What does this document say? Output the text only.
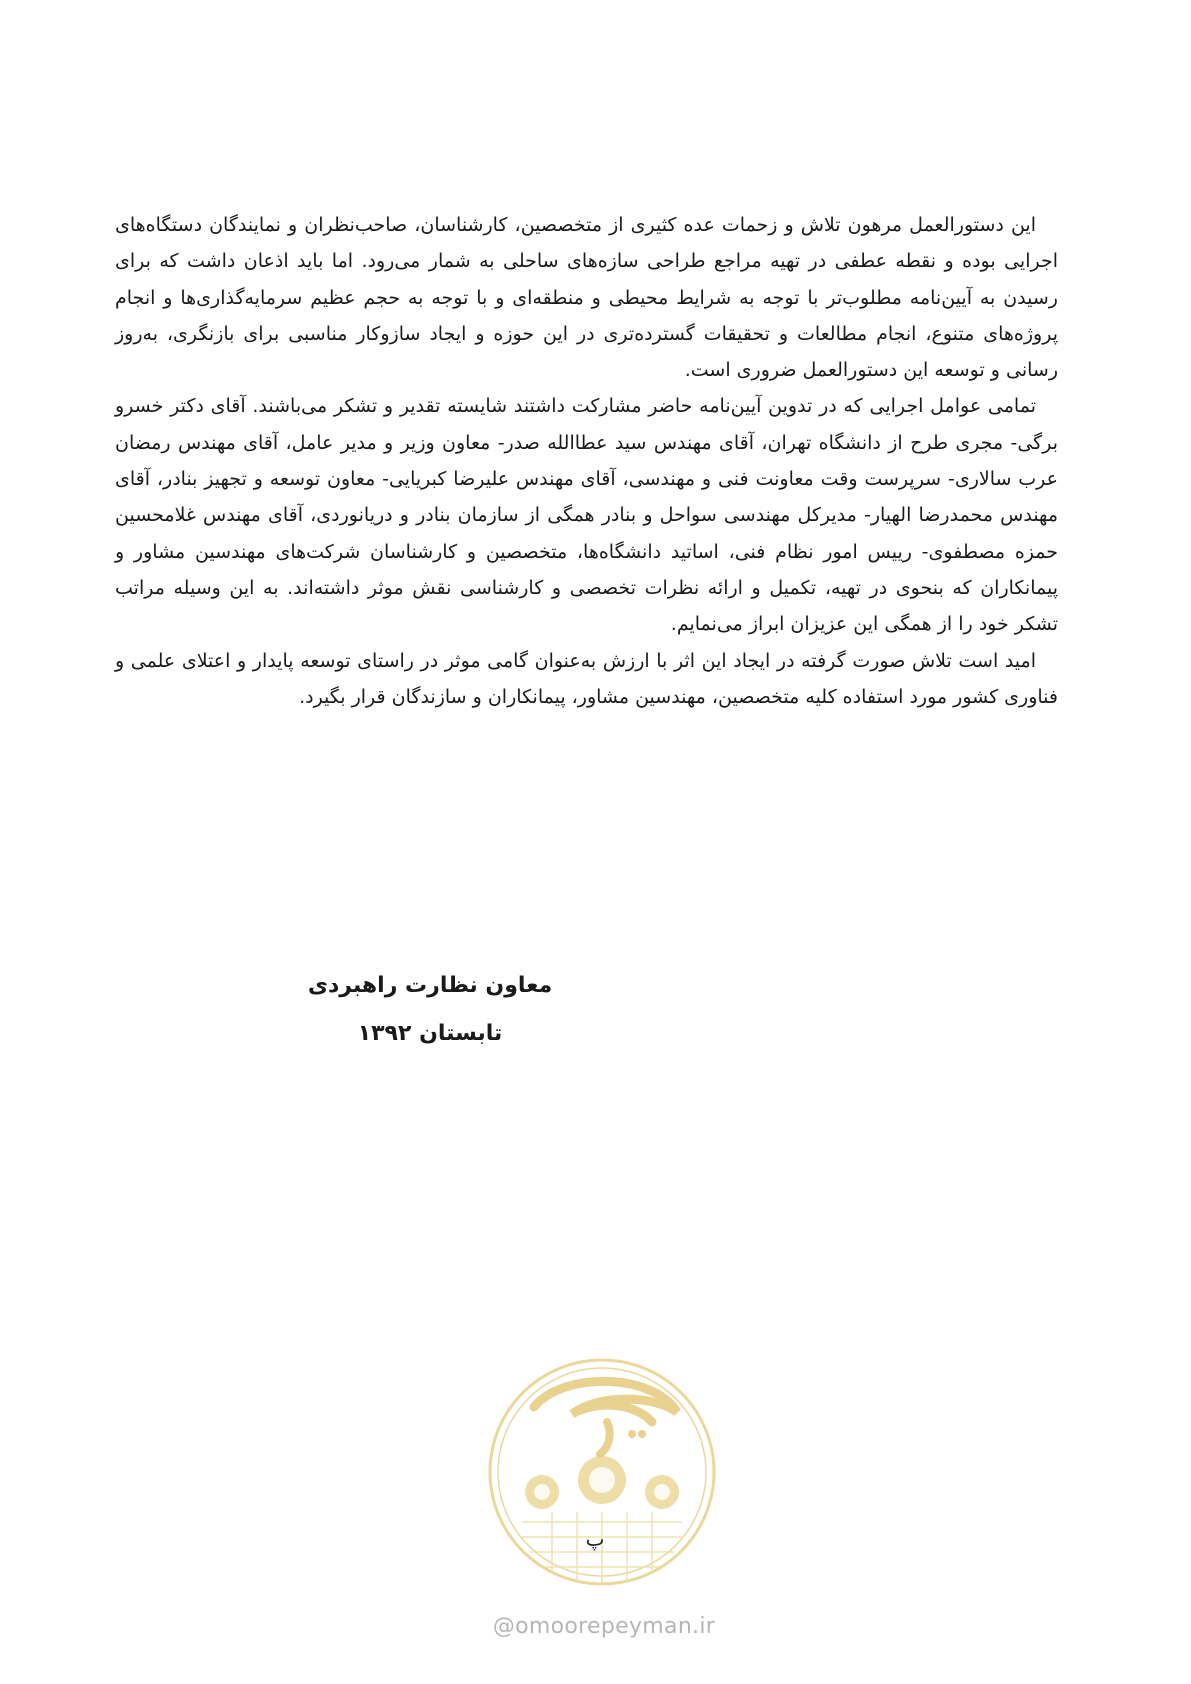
این دستورالعمل مرهون تلاش و زحمات عده کثیری از متخصصین، کارشناسان، صاحب‌نظران و نمایندگان دستگاه‌های اجرایی بوده و نقطه عطفی در تهیه مراجع طراحی سازه‌های ساحلی به شمار می‌رود. اما باید اذعان داشت که برای رسیدن به آیین‌نامه مطلوب‌تر با توجه به شرایط محیطی و منطقه‌ای و با توجه به حجم عظیم سرمایه‌گذاری‌ها و انجام پروژه‌های متنوع، انجام مطالعات و تحقیقات گسترده‌تری در این حوزه و ایجاد سازوکار مناسبی برای بازنگری، به‌روز رسانی و توسعه این دستورالعمل ضروری است.

تمامی عوامل اجرایی که در تدوین آیین‌نامه حاضر مشارکت داشتند شایسته تقدیر و تشکر می‌باشند. آقای دکتر خسرو برگی- مجری طرح از دانشگاه تهران، آقای مهندس سید عطاالله صدر- معاون وزیر و مدیر عامل، آقای مهندس رمضان عرب سالاری- سرپرست وقت معاونت فنی و مهندسی، آقای مهندس علیرضا کبریایی- معاون توسعه و تجهیز بنادر، آقای مهندس محمدرضا الهیار- مدیرکل مهندسی سواحل و بنادر همگی از سازمان بنادر و دریانوردی، آقای مهندس غلامحسین حمزه مصطفوی- رییس امور نظام فنی، اساتید دانشگاه‌ها، متخصصین و کارشناسان شرکت‌های مهندسین مشاور و پیمانکاران که بنحوی در تهیه، تکمیل و ارائه نظرات تخصصی و کارشناسی نقش موثر داشته‌اند. به این وسیله مراتب تشکر خود را از همگی این عزیزان ابراز می‌نمایم.

امید است تلاش صورت گرفته در ایجاد این اثر با ارزش به‌عنوان گامی موثر در راستای توسعه پایدار و اعتلای علمی و فناوری کشور مورد استفاده کلیه متخصصین، مهندسین مشاور، پیمانکاران و سازندگان قرار بگیرد.

معاون نظارت راهبردی
تابستان ۱۳۹۲
پ
@omoorepeyman.ir
